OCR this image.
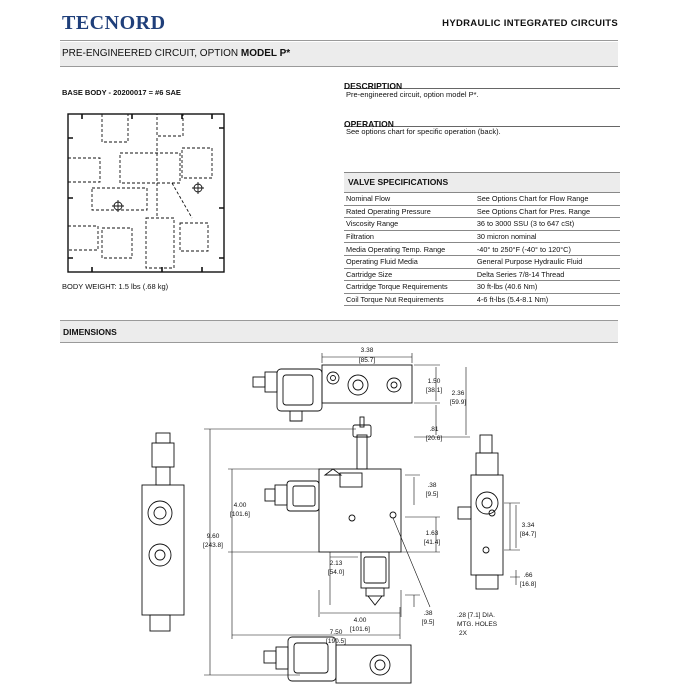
TECNORD	HYDRAULIC INTEGRATED CIRCUITS
PRE-ENGINEERED CIRCUIT, OPTION MODEL P*
BASE BODY - 20200017 = #6 SAE
BODY WEIGHT: 1.5 lbs (.68 kg)
DESCRIPTION
Pre-engineered circuit, option model P*.
OPERATION
See options chart for specific operation (back).
VALVE SPECIFICATIONS
Nominal Flow	See Options Chart for Flow Range
Rated Operating Pressure	See Options Chart for Pres. Range
Viscosity Range	36 to 3000 SSU (3 to 647 cSt)
Filtration	30 micron nominal
Media Operating Temp. Range	-40° to 250°F (-40° to 120°C)
Operating Fluid Media	General Purpose Hydraulic Fluid
Cartridge Size	Delta Series 7/8-14 Thread
Cartridge Torque Requirements	30 ft-lbs (40.6 Nm)
Coil Torque Nut Requirements	4-6 ft-lbs (5.4-8.1 Nm)
DIMENSIONS
3.38
[85.7]
1.50
[38.1] 2.36
[59.9]
.81
[20.6]
.38
[9.5]
4.00
[101.6]
9.60
[243.8]
1.63
[41.4]
2.13
[54.0]
.38
[9.5]
4.00
[101.6]
7.50
[190.5]
3.34
[84.7]
.66
[16.8]
.28 [7.1] DIA.
MTG. HOLES
2X
